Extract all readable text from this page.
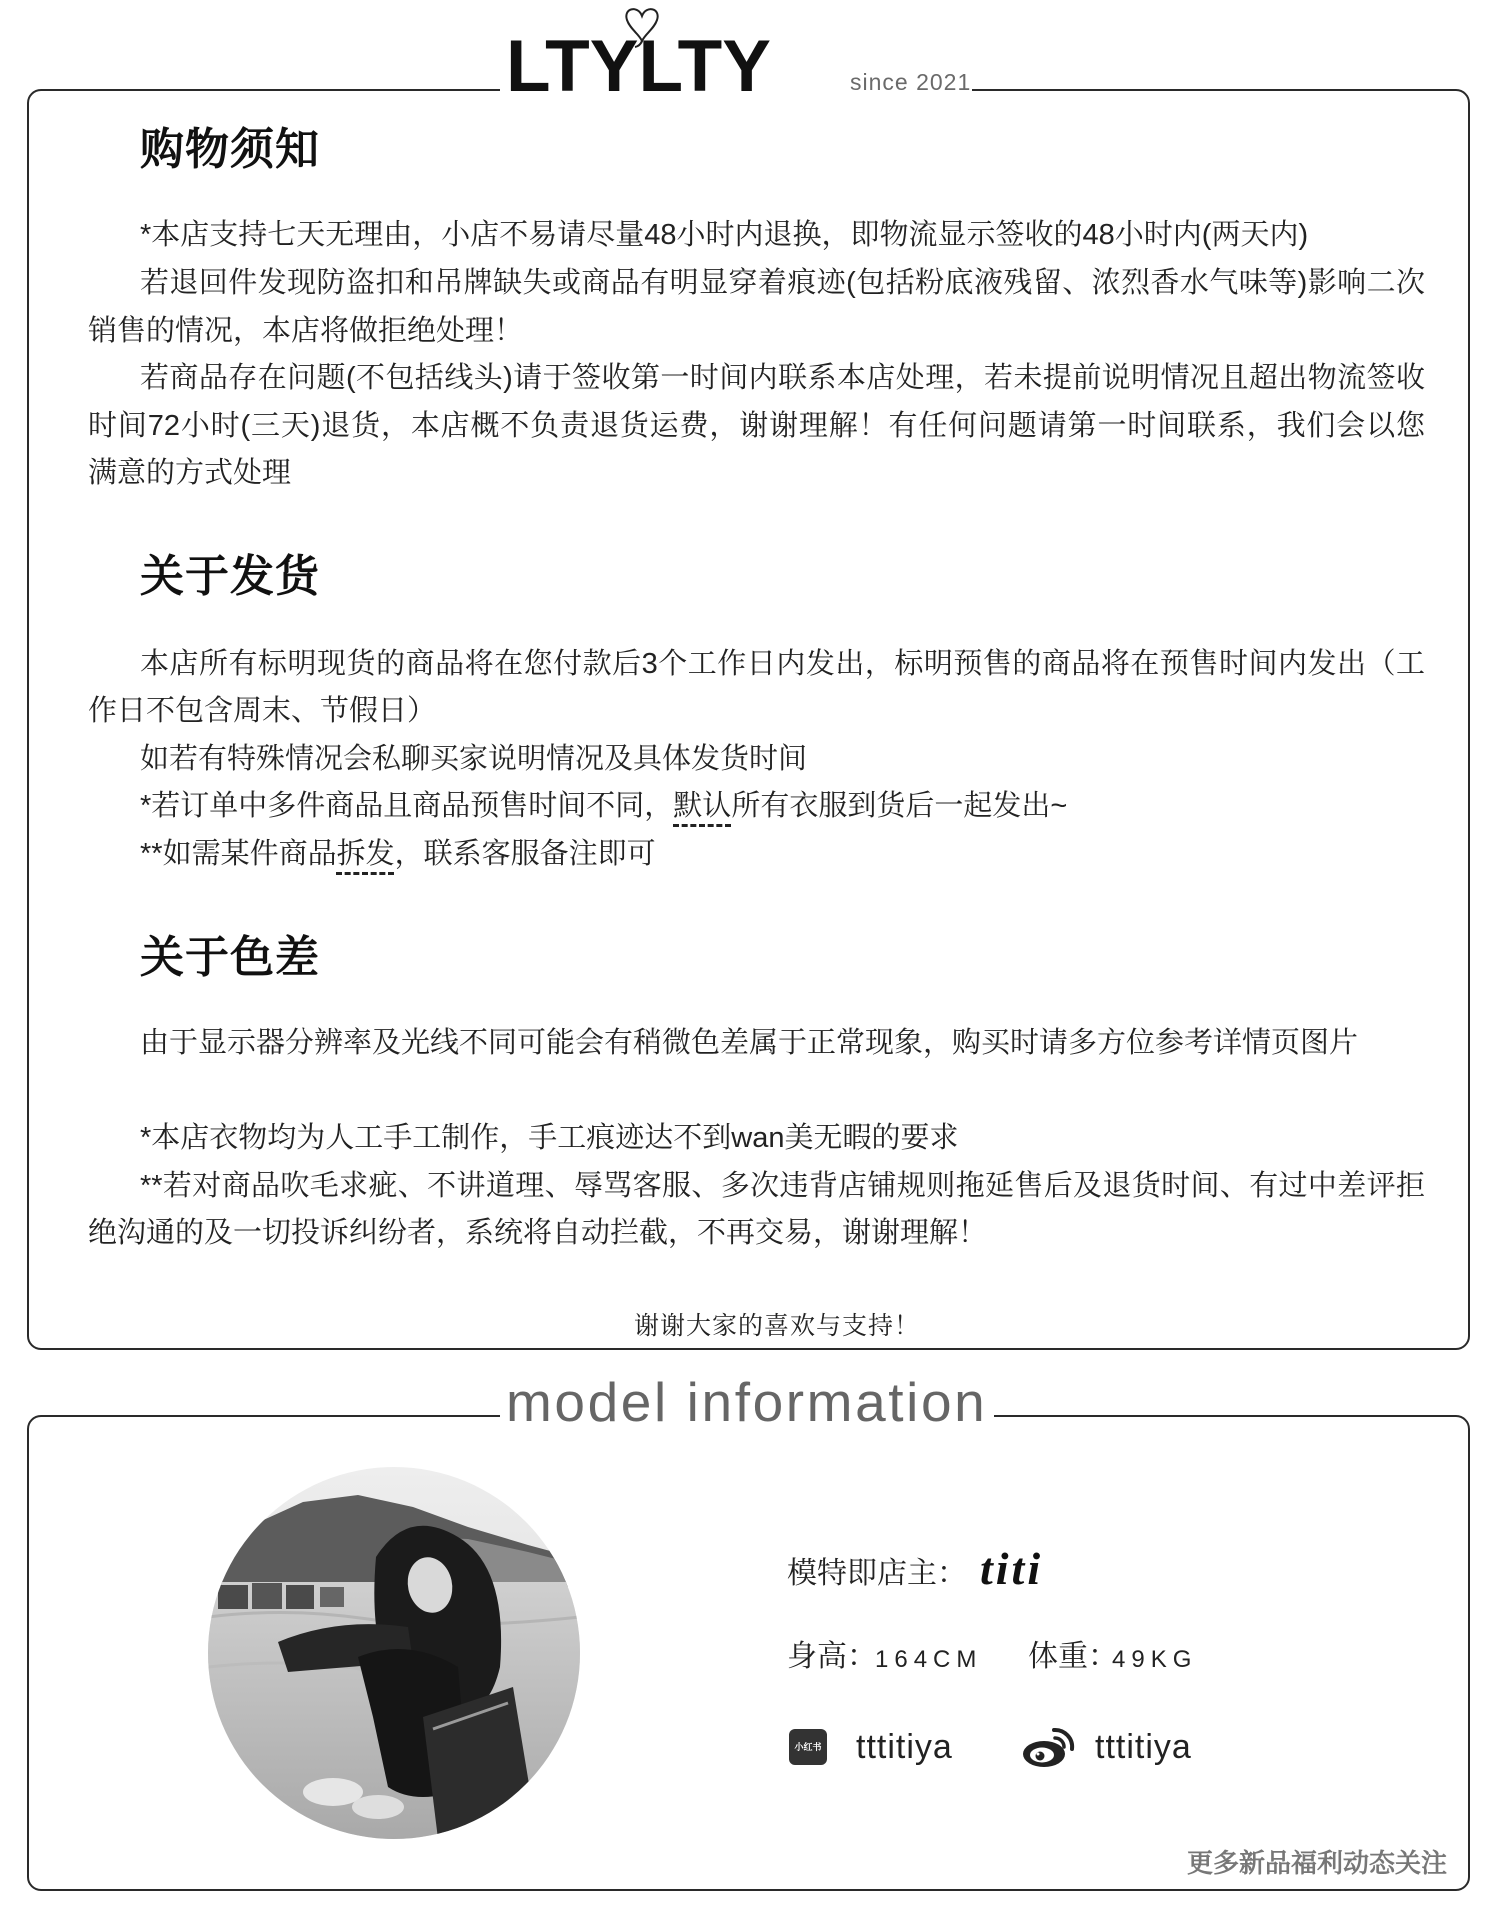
LTYLTY	since 2021
购物须知
*本店支持七天无理由，小店不易请尽量48小时内退换，即物流显示签收的48小时内(两天内)
若退回件发现防盗扣和吊牌缺失或商品有明显穿着痕迹(包括粉底液残留、浓烈香水气味等)影响二次
销售的情况，本店将做拒绝处理！
若商品存在问题(不包括线头)请于签收第一时间内联系本店处理，若未提前说明情况且超出物流签收
时间72小时(三天)退货，本店概不负责退货运费，谢谢理解！有任何问题请第一时间联系，我们会以您
满意的方式处理
关于发货
本店所有标明现货的商品将在您付款后3个工作日内发出，标明预售的商品将在预售时间内发出（工
作日不包含周末、节假日）
如若有特殊情况会私聊买家说明情况及具体发货时间
*若订单中多件商品且商品预售时间不同，默认所有衣服到货后一起发出~
**如需某件商品拆发，联系客服备注即可
关于色差
由于显示器分辨率及光线不同可能会有稍微色差属于正常现象，购买时请多方位参考详情页图片
*本店衣物均为人工手工制作，手工痕迹达不到wan美无暇的要求
**若对商品吹毛求疵、不讲道理、辱骂客服、多次违背店铺规则拖延售后及退货时间、有过中差评拒
绝沟通的及一切投诉纠纷者，系统将自动拦截，不再交易，谢谢理解！
谢谢大家的喜欢与支持！
model information
模特即店主： titi
身高：
164CM 体重：
49KG
小红书 tttitiya	tttitiya
更多新品福利动态关注
